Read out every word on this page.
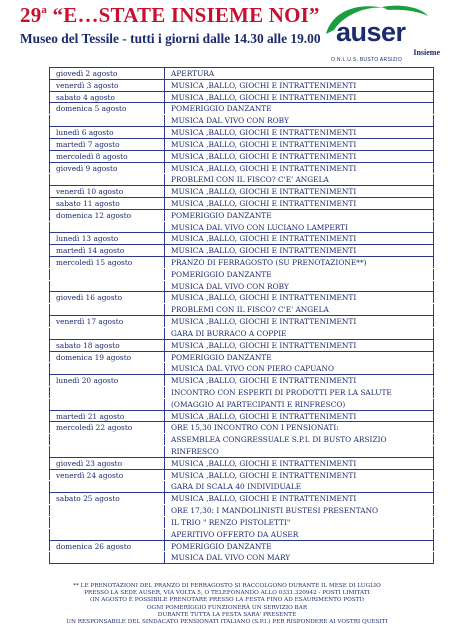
29$^a$ “E…STATE INSIEME NOI”
Museo del Tessile - tutti i giorni dalle 14.30 alle 19.00 auser
Insieme
O.N.L.U.S. BUSTO ARSIZIO
giovedì 2 agosto	APERTURA
venerdì 3 agosto	MUSICA ,BALLO, GIOCHI E INTRATTENIMENTI
sabato 4 agosto	MUSICA ,BALLO, GIOCHI E INTRATTENIMENTI
domenica 5 agosto	POMERIGGIO DANZANTE
MUSICA DAL VIVO CON ROBY
lunedì 6 agosto	MUSICA ,BALLO, GIOCHI E INTRATTENIMENTI
martedì 7 agosto	MUSICA ,BALLO, GIOCHI E INTRATTENIMENTI
mercoledì 8 agosto	MUSICA ,BALLO, GIOCHI E INTRATTENIMENTI
giovedì 9 agosto	MUSICA ,BALLO, GIOCHI E INTRATTENIMENTI
PROBLEMI CON IL FISCO? C'E' ANGELA
venerdì 10 agosto	MUSICA ,BALLO, GIOCHI E INTRATTENIMENTI
sabato 11 agosto	MUSICA ,BALLO, GIOCHI E INTRATTENIMENTI
domenica 12 agosto	POMERIGGIO DANZANTE
MUSICA DAL VIVO CON LUCIANO LAMPERTI
lunedì 13 agosto	MUSICA ,BALLO, GIOCHI E INTRATTENIMENTI
martedì 14 agosto	MUSICA ,BALLO, GIOCHI E INTRATTENIMENTI
mercoledì 15 agosto	PRANZO DI FERRAGOSTO (SU PRENOTAZIONE**)
POMERIGGIO DANZANTE
MUSICA DAL VIVO CON ROBY
giovedì 16 agosto	MUSICA ,BALLO, GIOCHI E INTRATTENIMENTI
PROBLEMI CON IL FISCO? C'E' ANGELA
venerdì 17 agosto	MUSICA ,BALLO, GIOCHI E INTRATTENIMENTI
GARA DI BURRACO A COPPIE
sabato 18 agosto	MUSICA ,BALLO, GIOCHI E INTRATTENIMENTI
domenica 19 agosto	POMERIGGIO DANZANTE
MUSICA DAL VIVO CON PIERO CAPUANO
lunedì 20 agosto	MUSICA ,BALLO, GIOCHI E INTRATTENIMENTI
INCONTRO CON ESPERTI DI PRODOTTI PER LA SALUTE
(OMAGGIO AI PARTECIPANTI E RINFRESCO)
martedì 21 agosto	MUSICA ,BALLO, GIOCHI E INTRATTENIMENTI
mercoledì 22 agosto	ORE 15,30 INCONTRO CON I PENSIONATI:
ASSEMBLEA CONGRESSUALE S.P.I. DI BUSTO ARSIZIO
RINFRESCO
giovedì 23 agosto	MUSICA ,BALLO, GIOCHI E INTRATTENIMENTI
venerdì 24 agosto	MUSICA ,BALLO, GIOCHI E INTRATTENIMENTI
GARA DI SCALA 40 INDIVIDUALE
sabato 25 agosto	MUSICA ,BALLO, GIOCHI E INTRATTENIMENTI
ORE 17,30: I MANDOLINISTI BUSTESI PRESENTANO
IL TRIO " RENZO PISTOLETTI"
APERITIVO OFFERTO DA AUSER
domenica 26 agosto	POMERIGGIO DANZANTE
MUSICA DAL VIVO CON MARY
** LE PRENOTAZIONI DEL PRANZO DI FERRAGOSTO SI RACCOLGONO DURANTE IL MESE DI LUGLIO
PRESSO LA SEDE AUSER, VIA VOLTA 5, O TELEFONANDO ALLO 0331.320942 - POSTI LIMITATI
(IN AGOSTO È POSSIBILE PRENOTARE PRESSO LA FESTA FINO AD ESAURIMENTO POSTI)
OGNI POMERIGGIO FUNZIONERÀ UN SERVIZIO BAR
DURANTE TUTTA LA FESTA SARA' PRESENTE
UN RESPONSABILE DEL SINDACATO PENSIONATI ITALIANO (S.P.I.) PER RISPONDERE AI VOSTRI QUESITI
